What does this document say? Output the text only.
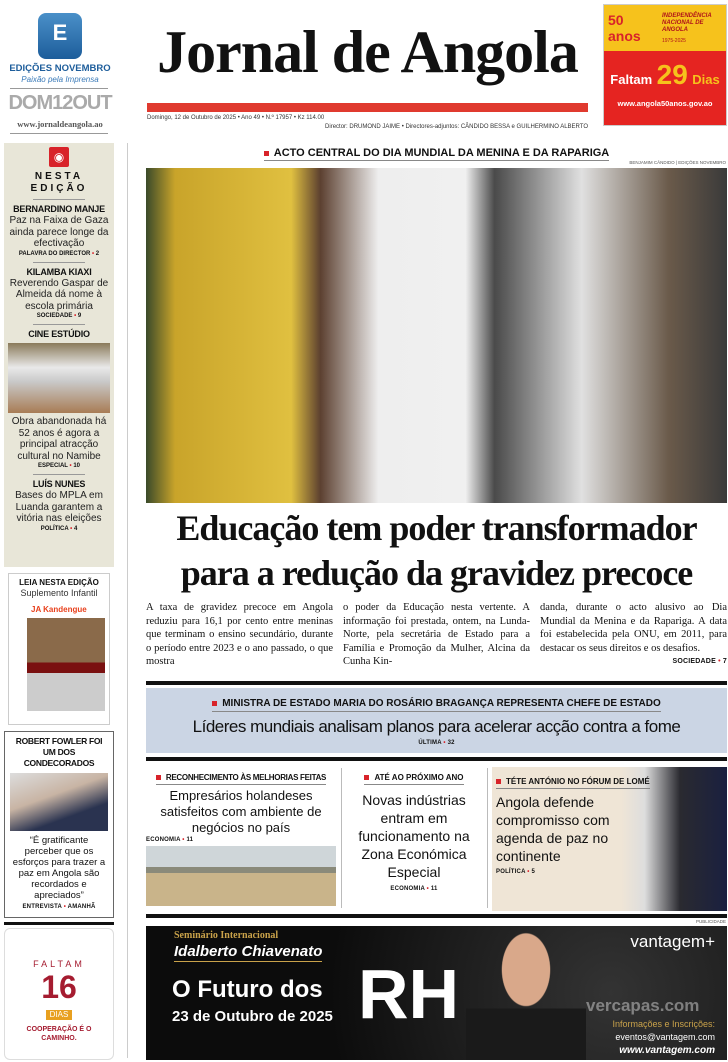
E
EDIÇÕES NOVEMBRO
Paixão pela Imprensa
DOM12OUT
www.jornaldeangola.ao
Jornal de Angola
Domingo, 12 de Outubro de 2025 • Ano 49 • N.º 17957 • Kz 114.00
Director: DRUMOND JAIME • Directores-adjuntos: CÂNDIDO BESSA e GUILHERMINO ALBERTO
50 anos
INDEPENDÊNCIA NACIONAL DE ANGOLA
1975-2025
Faltam 29 Dias
www.angola50anos.gov.ao
◉
NESTA EDIÇÃO
BERNARDINO MANJE
Paz na Faixa de Gaza ainda parece longe da efectivação
PALAVRA DO DIRECTOR • 2
KILAMBA KIAXI
Reverendo Gaspar de Almeida dá nome à escola primária
SOCIEDADE • 9
CINE ESTÚDIO
Obra abandonada há 52 anos é agora a principal atracção cultural no Namibe
ESPECIAL • 10
LUÍS NUNES
Bases do MPLA em Luanda garantem a vitória nas eleições
POLÍTICA • 4
LEIA NESTA EDIÇÃO
Suplemento Infantil
JA Kandengue
ROBERT FOWLER FOI UM DOS CONDECORADOS
“É gratificante perceber que os esforços para trazer a paz em Angola são recordados e apreciados”
ENTREVISTA • AMANHÃ
FALTAM
16
DIAS
COOPERAÇÃO É O CAMINHO.
ACTO CENTRAL DO DIA MUNDIAL DA MENINA E DA RAPARIGA
BENJAMIM CÂNDIDO | EDIÇÕES NOVEMBRO
Educação tem poder transformador
para a redução da gravidez precoce
A taxa de gravidez precoce em Angola reduziu para 16,1 por cento entre meninas que terminam o ensino secundário, durante o período entre 2023 e o ano passado, o que mostra
o poder da Educação nesta vertente. A informação foi prestada, ontem, na Lunda-Norte, pela secretária de Estado para a Família e Promoção da Mulher, Alcina da Cunha Kin-
danda, durante o acto alusivo ao Dia Mundial da Menina e da Rapariga. A data foi estabelecida pela ONU, em 2011, para destacar os seus direitos e os desafios.
SOCIEDADE • 7
MINISTRA DE ESTADO MARIA DO ROSÁRIO BRAGANÇA REPRESENTA CHEFE DE ESTADO
Líderes mundiais analisam planos para acelerar acção contra a fome
ÚLTIMA • 32
RECONHECIMENTO ÀS MELHORIAS FEITAS
Empresários holandeses satisfeitos com ambiente de negócios no país
ECONOMIA • 11
ATÉ AO PRÓXIMO ANO
Novas indústrias entram em funcionamento na Zona Económica Especial
ECONOMIA • 11
TÉTE ANTÓNIO NO FÓRUM DE LOMÉ
Angola defende compromisso com agenda de paz no continente
POLÍTICA • 5
PUBLICIDADE
Seminário Internacional
Idalberto Chiavenato
O Futuro dos
23 de Outubro de 2025 RH
vantagem+
vercapas.com
Informações e Inscrições:
eventos@vantagem.com
www.vantagem.com
